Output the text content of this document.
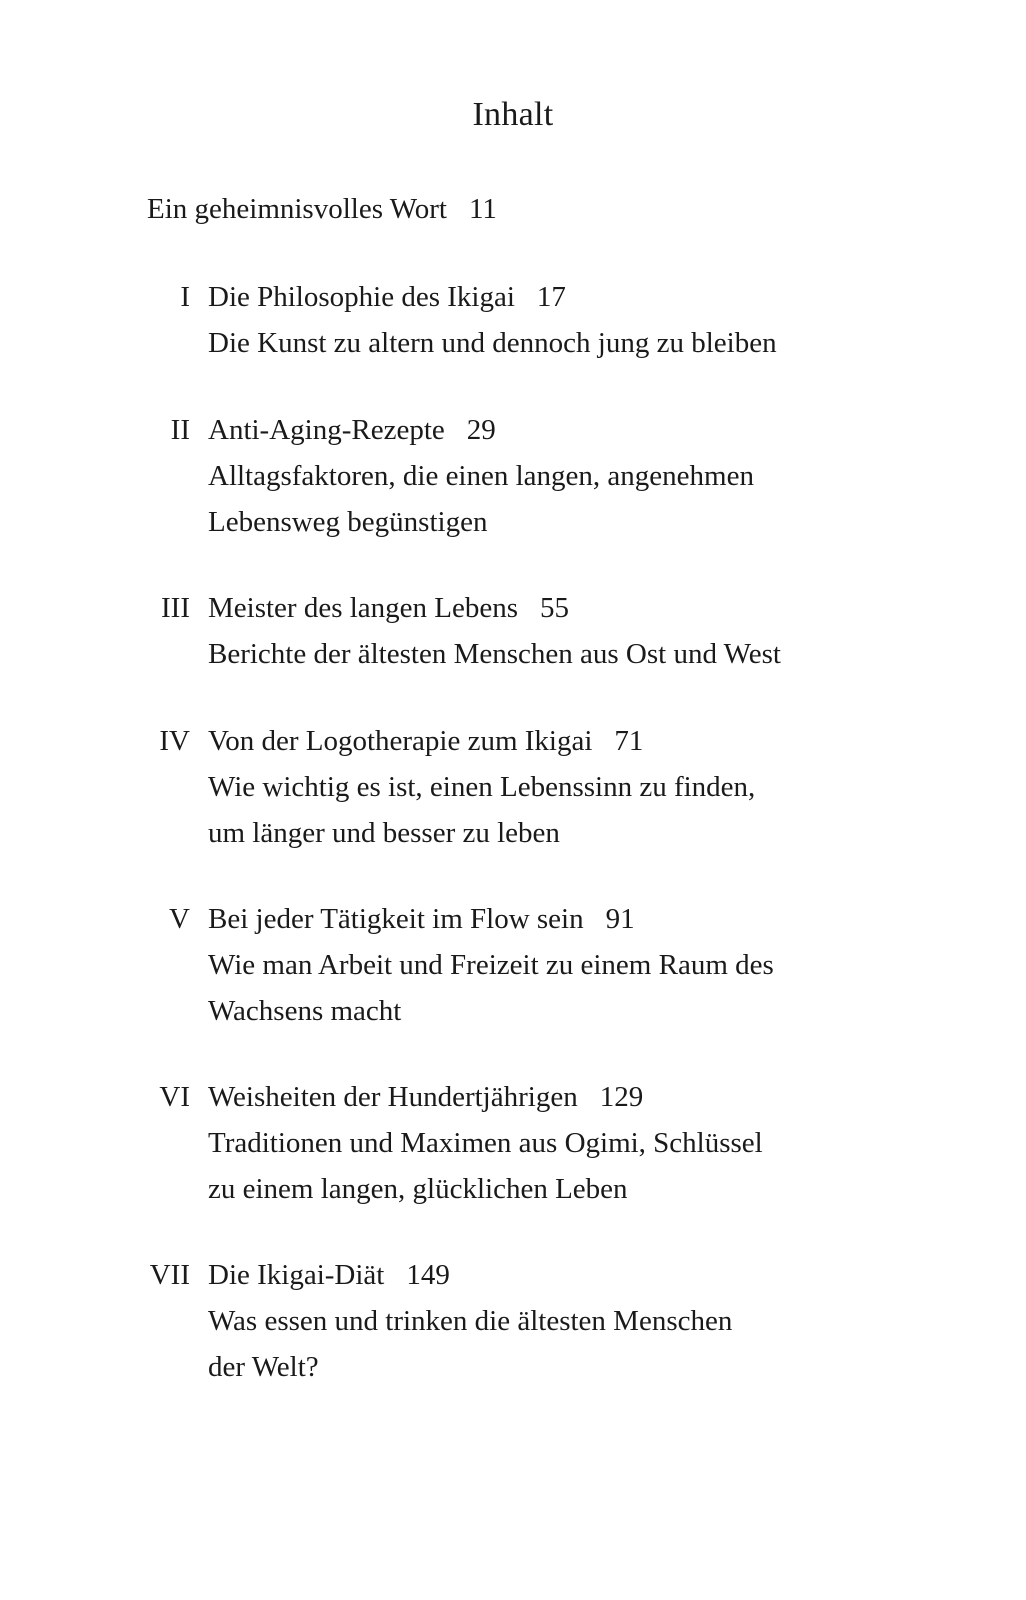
Inhalt
Ein geheimnisvolles Wort 11
I Die Philosophie des Ikigai 17
Die Kunst zu altern und dennoch jung zu bleiben
II Anti-Aging-Rezepte 29
Alltagsfaktoren, die einen langen, angenehmen
Lebensweg begünstigen
III Meister des langen Lebens 55
Berichte der ältesten Menschen aus Ost und West
IV Von der Logotherapie zum Ikigai 71
Wie wichtig es ist, einen Lebenssinn zu finden,
um länger und besser zu leben
V Bei jeder Tätigkeit im Flow sein 91
Wie man Arbeit und Freizeit zu einem Raum des
Wachsens macht
VI Weisheiten der Hundertjährigen 129
Traditionen und Maximen aus Ogimi, Schlüssel
zu einem langen, glücklichen Leben
VII Die Ikigai-Diät 149
Was essen und trinken die ältesten Menschen
der Welt?
